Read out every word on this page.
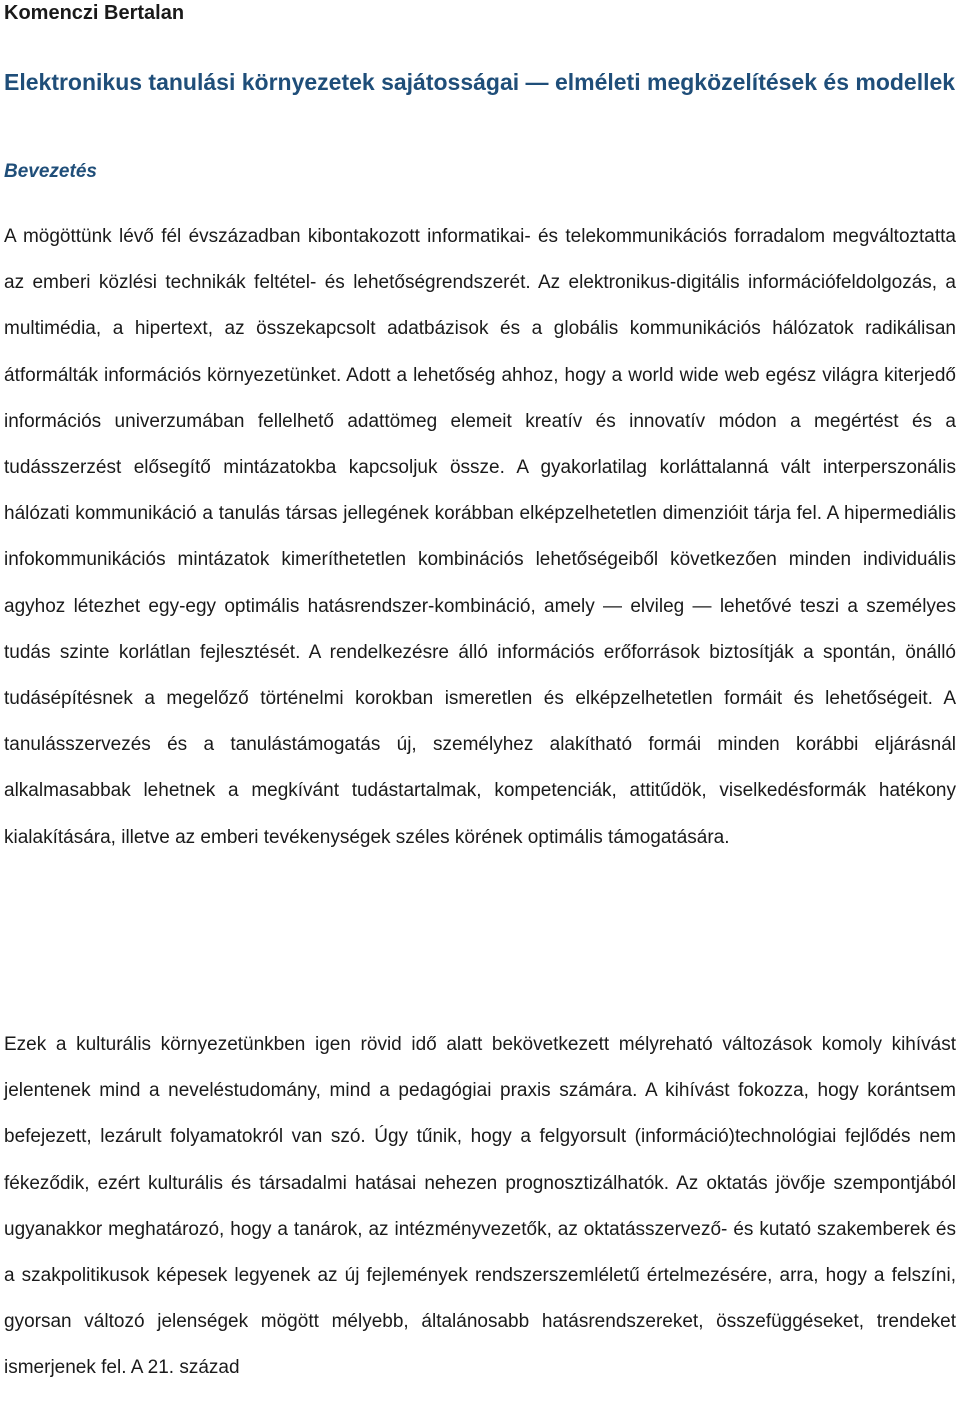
Komenczi Bertalan

Elektronikus tanulási környezetek sajátosságai — elméleti megközelítések és modellek
Bevezetés

A mögöttünk lévő fél évszázadban kibontakozott informatikai- és telekommunikációs forradalom megváltoztatta az emberi közlési technikák feltétel- és lehetőségrendszerét. Az elektronikus-digitális információfeldolgozás, a multimédia, a hipertext, az összekapcsolt adatbázisok és a globális kommunikációs hálózatok radikálisan átformálták információs környezetünket. Adott a lehetőség ahhoz, hogy a world wide web egész világra kiterjedő információs univerzumában fellelhető adattömeg elemeit kreatív és innovatív módon a megértést és a tudásszerzést elősegítő mintázatokba kapcsoljuk össze. A gyakorlatilag korláttalanná vált interperszonális hálózati kommunikáció a tanulás társas jellegének korábban elképzelhetetlen dimenzióit tárja fel. A hipermediális infokommunikációs mintázatok kimeríthetetlen kombinációs lehetőségeiből következően minden individuális agyhoz létezhet egy-egy optimális hatásrendszer-kombináció, amely — elvileg — lehetővé teszi a személyes tudás szinte korlátlan fejlesztését. A rendelkezésre álló információs erőforrások biztosítják a spontán, önálló tudásépítésnek a megelőző történelmi korokban ismeretlen és elképzelhetetlen formáit és lehetőségeit. A tanulásszervezés és a tanulástámogatás új, személyhez alakítható formái minden korábbi eljárásnál alkalmasabbak lehetnek a megkívánt tudástartalmak, kompetenciák, attitűdök, viselkedésformák hatékony kialakítására, illetve az emberi tevékenységek széles körének optimális támogatására.

Ezek a kulturális környezetünkben igen rövid idő alatt bekövetkezett mélyreható változások komoly kihívást jelentenek mind a neveléstudomány, mind a pedagógiai praxis számára. A kihívást fokozza, hogy korántsem befejezett, lezárult folyamatokról van szó. Úgy tűnik, hogy a felgyorsult (információ)technológiai fejlődés nem fékeződik, ezért kulturális és társadalmi hatásai nehezen prognosztizálhatók. Az oktatás jövője szempontjából ugyanakkor meghatározó, hogy a tanárok, az intézményvezetők, az oktatásszervező- és kutató szakemberek és a szakpolitikusok képesek legyenek az új fejlemények rendszerszemléletű értelmezésére, arra, hogy a felszíni, gyorsan változó jelenségek mögött mélyebb, általánosabb hatásrendszereket, összefüggéseket, trendeket ismerjenek fel. A 21. század
